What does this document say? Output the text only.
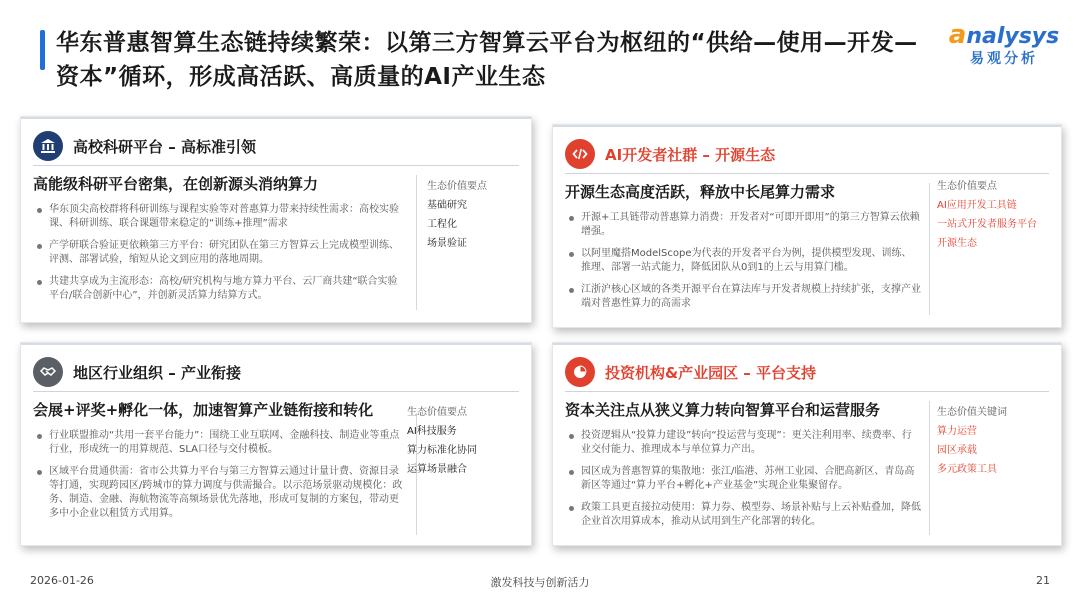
华东普惠智算生态链持续繁荣：以第三方智算云平台为枢纽的“供给—使用—开发—资本”循环，形成高活跃、高质量的AI产业生态
analysys
易观分析
高校科研平台 – 高标准引领
高能级科研平台密集，在创新源头消纳算力
华东顶尖高校群将科研训练与课程实验等对普惠算力带来持续性需求：高校实验课、科研训练、联合课题带来稳定的“训练+推理”需求
产学研联合验证更依赖第三方平台：研究团队在第三方智算云上完成模型训练、评测、部署试验，缩短从论文到应用的落地周期。
共建共享成为主流形态：高校/研究机构与地方算力平台、云厂商共建“联合实验平台/联合创新中心”，并创新灵活算力结算方式。
生态价值要点
基础研究
工程化
场景验证
AI开发者社群 – 开源生态
开源生态高度活跃，释放中长尾算力需求
开源+工具链带动普惠算力消费：开发者对“可即开即用”的第三方智算云依赖增强。
以阿里魔搭ModelScope为代表的开发者平台为例，提供模型发现、训练、推理、部署一站式能力，降低团队从0到1的上云与用算门槛。
江浙沪核心区域的各类开源平台在算法库与开发者规模上持续扩张，支撑产业端对普惠性算力的高需求
生态价值要点
AI应用开发工具链
一站式开发者服务平台
开源生态
地区行业组织 – 产业衔接
会展+评奖+孵化一体，加速智算产业链衔接和转化
行业联盟推动“共用一套平台能力”：围绕工业互联网、金融科技、制造业等重点行业，形成统一的用算规范、SLA口径与交付模板。
区域平台贯通供需：省市公共算力平台与第三方智算云通过计量计费、资源目录等打通，实现跨园区/跨城市的算力调度与供需撮合。以示范场景驱动规模化：政务、制造、金融、海航物流等高频场景优先落地，形成可复制的方案包，带动更多中小企业以租赁方式用算。
生态价值要点
AI科技服务
算力标准化协同
运算场景融合
投资机构&产业园区 – 平台支持
资本关注点从狭义算力转向智算平台和运营服务
投资逻辑从“投算力建设”转向“投运营与变现”：更关注利用率、续费率、行业交付能力、推理成本与单位算力产出。
园区成为普惠智算的集散地：张江/临港、苏州工业园、合肥高新区、青岛高新区等通过“算力平台+孵化+产业基金”实现企业集聚留存。
政策工具更直接拉动使用：算力券、模型券、场景补贴与上云补贴叠加，降低企业首次用算成本，推动从试用到生产化部署的转化。
生态价值关键词
算力运营
园区承载
多元政策工具
2026-01-26	激发科技与创新活力	21
